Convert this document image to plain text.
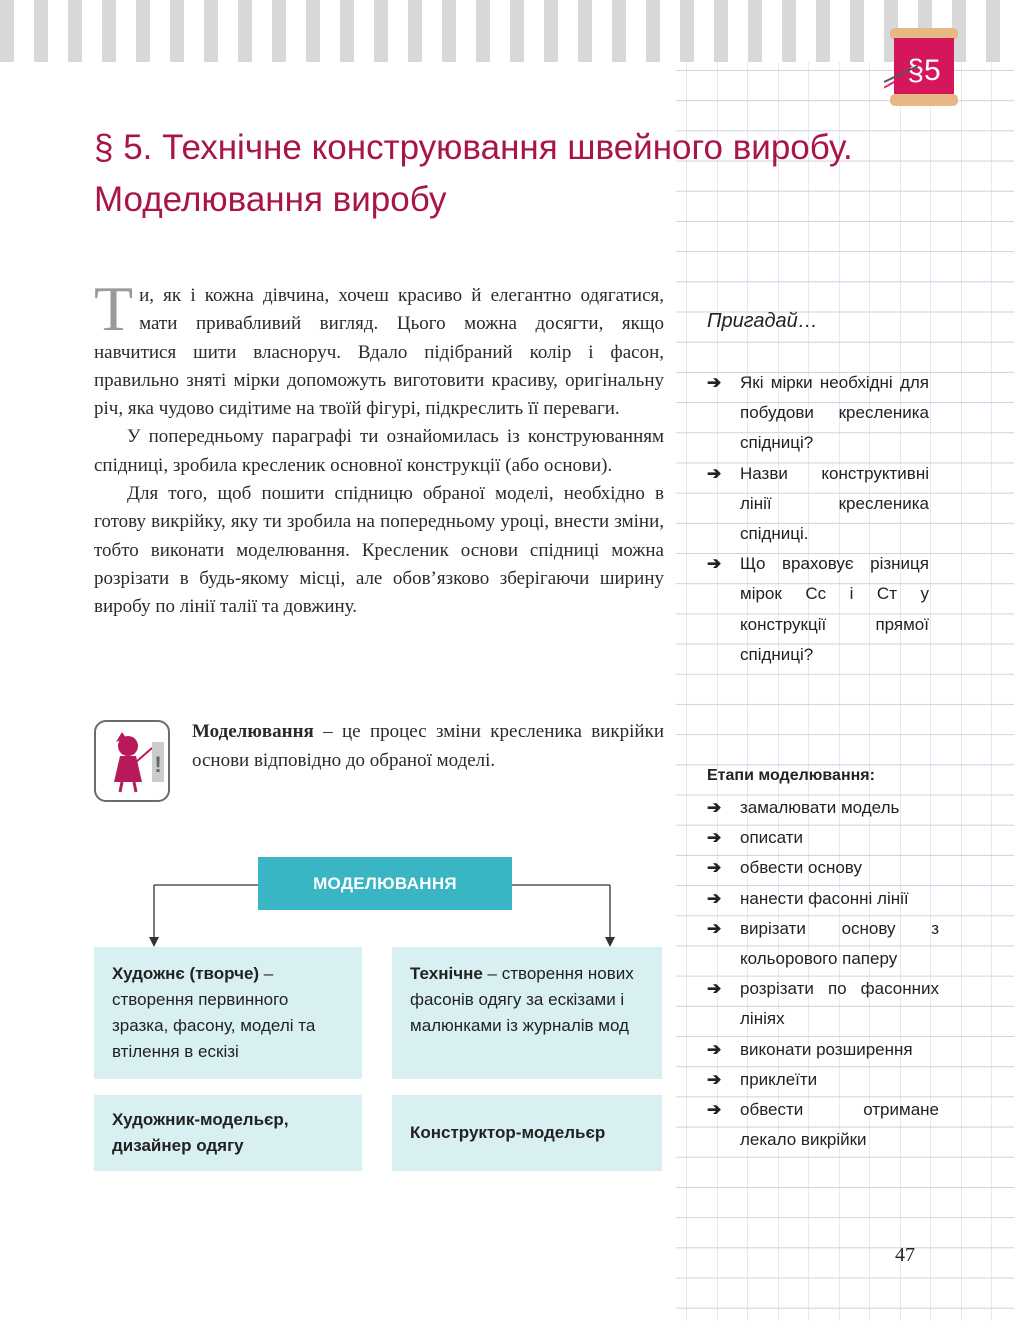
§5
§ 5. Технічне конструювання швейного виробу. Моделювання виробу

Ти, як і кожна дівчина, хочеш красиво й елегантно одягатися, мати привабливий вигляд. Цього можна досягти, якщо навчитися шити власноруч. Вдало підібраний колір і фасон, правильно зняті мірки допоможуть виготовити красиву, оригінальну річ, яка чудово сидітиме на твоїй фігурі, підкреслить її переваги.

У попередньому параграфі ти ознайомилась із конструюванням спідниці, зробила кресленик основної конструкції (або основи).

Для того, щоб пошити спідницю обраної моделі, необхідно в готову викрійку, яку ти зробила на попередньому уроці, внести зміни, тобто виконати моделювання. Кресленик основи спідниці можна розрізати в будь-якому місці, але обов’язково зберігаючи ширину виробу по лінії талії та довжину.

!
Моделювання – це процес зміни кресленика викрійки основи відповідно до обраної моделі.
МОДЕЛЮВАННЯ
Художнє (творче) – створення первинного зразка, фасону, моделі та втілення в ескізі
Технічне – створення нових фасонів одягу за ескізами і малюнками із журналів мод
Художник-модельєр, дизайнер одягу
Конструктор-модельєр
Пригадай…
➔ Які мірки необхідні для побудови кресленика спідниці?
➔ Назви конструктивні лінії кресленика спідниці.
➔ Що враховує різниця мірок Сс і Ст у конструкції прямої спідниці?
Етапи моделювання:
➔ замалювати модель
➔ описати
➔ обвести основу
➔ нанести фасонні лінії
➔ вирізати основу з кольорового паперу
➔ розрізати по фасонних лініях
➔ виконати розширення
➔ приклеїти
➔ обвести отримане лекало викрійки
47
